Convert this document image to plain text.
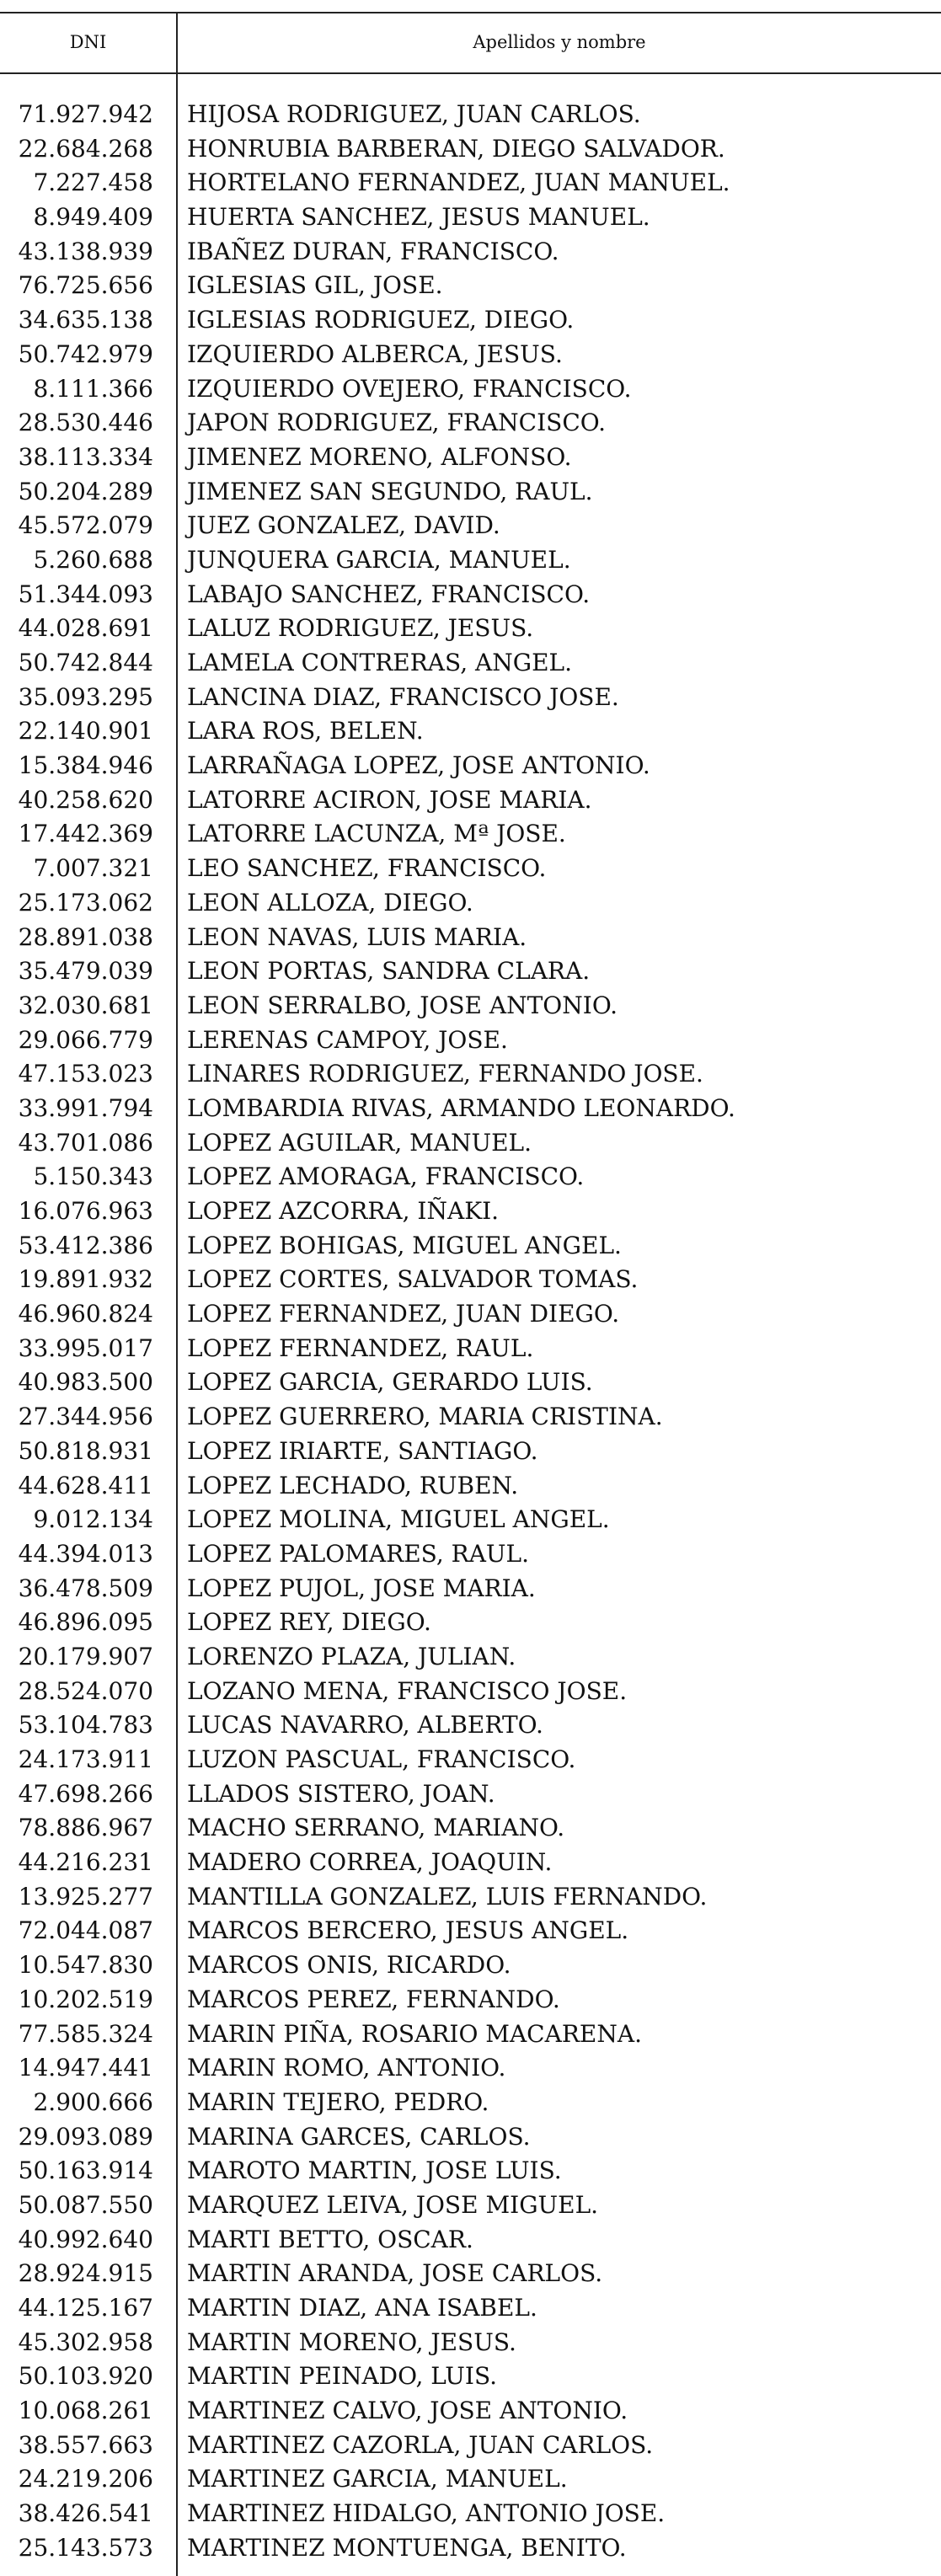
DNI	Apellidos y nombre
71.927.942 HIJOSA RODRIGUEZ, JUAN CARLOS.
22.684.268 HONRUBIA BARBERAN, DIEGO SALVADOR.
7.227.458 HORTELANO FERNANDEZ, JUAN MANUEL.
8.949.409 HUERTA SANCHEZ, JESUS MANUEL.
43.138.939 IBAÑEZ DURAN, FRANCISCO.
76.725.656 IGLESIAS GIL, JOSE.
34.635.138 IGLESIAS RODRIGUEZ, DIEGO.
50.742.979 IZQUIERDO ALBERCA, JESUS.
8.111.366 IZQUIERDO OVEJERO, FRANCISCO.
28.530.446 JAPON RODRIGUEZ, FRANCISCO.
38.113.334 JIMENEZ MORENO, ALFONSO.
50.204.289 JIMENEZ SAN SEGUNDO, RAUL.
45.572.079 JUEZ GONZALEZ, DAVID.
5.260.688 JUNQUERA GARCIA, MANUEL.
51.344.093 LABAJO SANCHEZ, FRANCISCO.
44.028.691 LALUZ RODRIGUEZ, JESUS.
50.742.844 LAMELA CONTRERAS, ANGEL.
35.093.295 LANCINA DIAZ, FRANCISCO JOSE.
22.140.901 LARA ROS, BELEN.
15.384.946 LARRAÑAGA LOPEZ, JOSE ANTONIO.
40.258.620 LATORRE ACIRON, JOSE MARIA.
17.442.369 LATORRE LACUNZA, Mª JOSE.
7.007.321 LEO SANCHEZ, FRANCISCO.
25.173.062 LEON ALLOZA, DIEGO.
28.891.038 LEON NAVAS, LUIS MARIA.
35.479.039 LEON PORTAS, SANDRA CLARA.
32.030.681 LEON SERRALBO, JOSE ANTONIO.
29.066.779 LERENAS CAMPOY, JOSE.
47.153.023 LINARES RODRIGUEZ, FERNANDO JOSE.
33.991.794 LOMBARDIA RIVAS, ARMANDO LEONARDO.
43.701.086 LOPEZ AGUILAR, MANUEL.
5.150.343 LOPEZ AMORAGA, FRANCISCO.
16.076.963 LOPEZ AZCORRA, IÑAKI.
53.412.386 LOPEZ BOHIGAS, MIGUEL ANGEL.
19.891.932 LOPEZ CORTES, SALVADOR TOMAS.
46.960.824 LOPEZ FERNANDEZ, JUAN DIEGO.
33.995.017 LOPEZ FERNANDEZ, RAUL.
40.983.500 LOPEZ GARCIA, GERARDO LUIS.
27.344.956 LOPEZ GUERRERO, MARIA CRISTINA.
50.818.931 LOPEZ IRIARTE, SANTIAGO.
44.628.411 LOPEZ LECHADO, RUBEN.
9.012.134 LOPEZ MOLINA, MIGUEL ANGEL.
44.394.013 LOPEZ PALOMARES, RAUL.
36.478.509 LOPEZ PUJOL, JOSE MARIA.
46.896.095 LOPEZ REY, DIEGO.
20.179.907 LORENZO PLAZA, JULIAN.
28.524.070 LOZANO MENA, FRANCISCO JOSE.
53.104.783 LUCAS NAVARRO, ALBERTO.
24.173.911 LUZON PASCUAL, FRANCISCO.
47.698.266 LLADOS SISTERO, JOAN.
78.886.967 MACHO SERRANO, MARIANO.
44.216.231 MADERO CORREA, JOAQUIN.
13.925.277 MANTILLA GONZALEZ, LUIS FERNANDO.
72.044.087 MARCOS BERCERO, JESUS ANGEL.
10.547.830 MARCOS ONIS, RICARDO.
10.202.519 MARCOS PEREZ, FERNANDO.
77.585.324 MARIN PIÑA, ROSARIO MACARENA.
14.947.441 MARIN ROMO, ANTONIO.
2.900.666 MARIN TEJERO, PEDRO.
29.093.089 MARINA GARCES, CARLOS.
50.163.914 MAROTO MARTIN, JOSE LUIS.
50.087.550 MARQUEZ LEIVA, JOSE MIGUEL.
40.992.640 MARTI BETTO, OSCAR.
28.924.915 MARTIN ARANDA, JOSE CARLOS.
44.125.167 MARTIN DIAZ, ANA ISABEL.
45.302.958 MARTIN MORENO, JESUS.
50.103.920 MARTIN PEINADO, LUIS.
10.068.261 MARTINEZ CALVO, JOSE ANTONIO.
38.557.663 MARTINEZ CAZORLA, JUAN CARLOS.
24.219.206 MARTINEZ GARCIA, MANUEL.
38.426.541 MARTINEZ HIDALGO, ANTONIO JOSE.
25.143.573 MARTINEZ MONTUENGA, BENITO.
